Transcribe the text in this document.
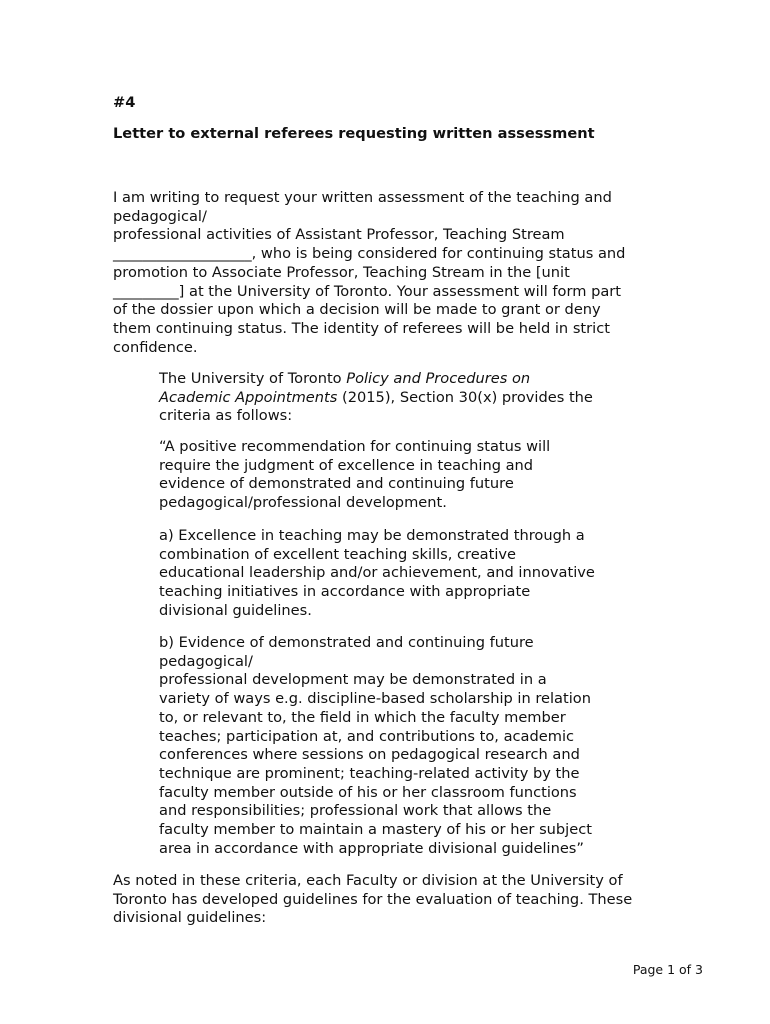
#4

Letter to external referees requesting written assessment

I am writing to request your written assessment of the teaching and
pedagogical/
professional activities of Assistant Professor, Teaching Stream
___________________, who is being considered for continuing status and
promotion to Associate Professor, Teaching Stream in the [unit
_________] at the University of Toronto. Your assessment will form part
of the dossier upon which a decision will be made to grant or deny
them continuing status. The identity of referees will be held in strict
confidence.

The University of Toronto Policy and Procedures on
Academic Appointments (2015), Section 30(x) provides the
criteria as follows:

“A positive recommendation for continuing status will
require the judgment of excellence in teaching and
evidence of demonstrated and continuing future
pedagogical/professional development.

a) Excellence in teaching may be demonstrated through a
combination of excellent teaching skills, creative
educational leadership and/or achievement, and innovative
teaching initiatives in accordance with appropriate
divisional guidelines.

b) Evidence of demonstrated and continuing future
pedagogical/
professional development may be demonstrated in a
variety of ways e.g. discipline-based scholarship in relation
to, or relevant to, the field in which the faculty member
teaches; participation at, and contributions to, academic
conferences where sessions on pedagogical research and
technique are prominent; teaching-related activity by the
faculty member outside of his or her classroom functions
and responsibilities; professional work that allows the
faculty member to maintain a mastery of his or her subject
area in accordance with appropriate divisional guidelines”

As noted in these criteria, each Faculty or division at the University of
Toronto has developed guidelines for the evaluation of teaching. These
divisional guidelines:

Page 1 of 3
